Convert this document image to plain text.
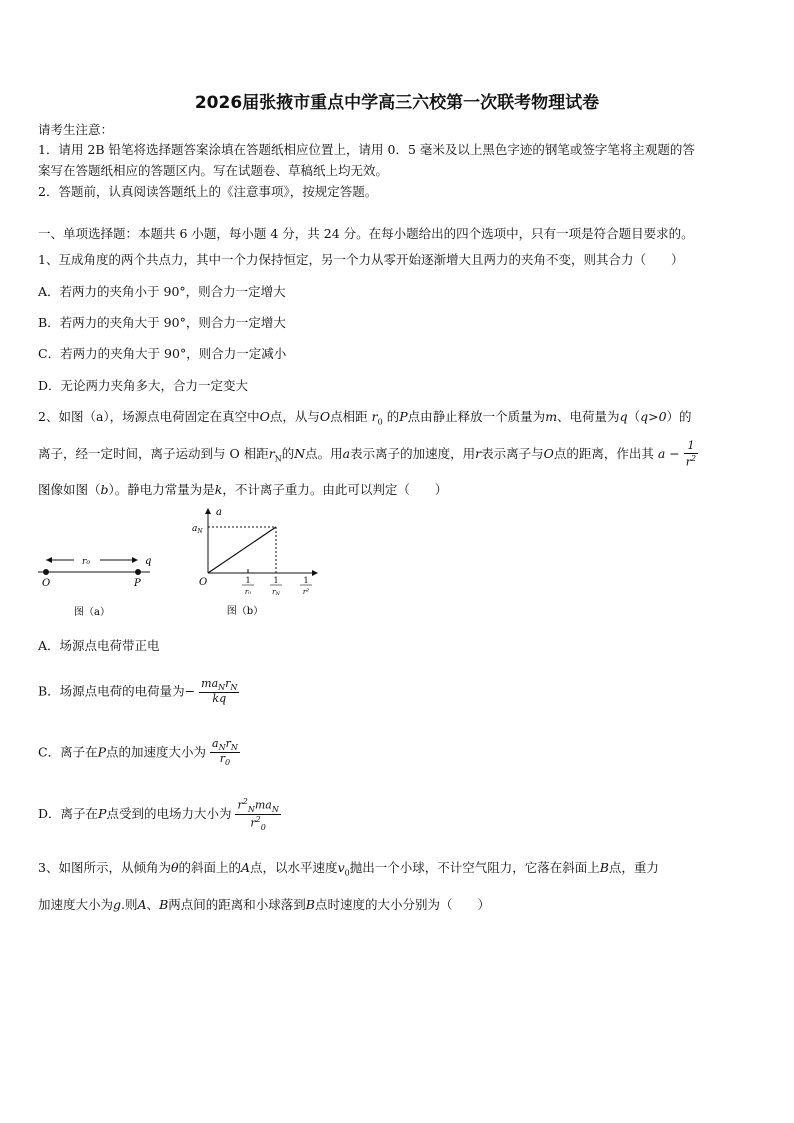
2026届张掖市重点中学高三六校第一次联考物理试卷
请考生注意：
1．请用 2B 铅笔将选择题答案涂填在答题纸相应位置上，请用 0．5 毫米及以上黑色字迹的钢笔或签字笔将主观题的答
案写在答题纸相应的答题区内。写在试题卷、草稿纸上均无效。
2．答题前，认真阅读答题纸上的《注意事项》，按规定答题。
一、单项选择题：本题共 6 小题，每小题 4 分，共 24 分。在每小题给出的四个选项中，只有一项是符合题目要求的。
1、互成角度的两个共点力，其中一个力保持恒定，另一个力从零开始逐渐增大且两力的夹角不变，则其合力（　　）
A．若两力的夹角小于 90°，则合力一定增大
B．若两力的夹角大于 90°，则合力一定增大
C．若两力的夹角大于 90°，则合力一定减小
D．无论两力夹角多大，合力一定变大
2、如图（a），场源点电荷固定在真空中O点，从与O点相距 $r_0$ 的P点由静止释放一个质量为m、电荷量为q（q>0）的
离子，经一定时间，离子运动到与 O 相距$r_N$的N点。用a表示离子的加速度，用r表示离子与O点的距离，作出其 $a - \frac{1}{r^2}$
图像如图（b）。静电力常量为是k，不计离子重力。由此可以判定（　　）
r₀	q
O	P
图（a）
a
$a_N$
O	1
r₀
1
rN
1
r²
图（b）
A．场源点电荷带正电
B．场源点电荷的电荷量为− $\frac{ma_Nr_N}{kq}$
C．离子在P点的加速度大小为 $\frac{a_Nr_N}{r_0}$
D．离子在P点受到的电场力大小为 $\frac{r^2_Nma_N}{r^2_0}$
3、如图所示，从倾角为θ的斜面上的A点，以水平速度$v_0$抛出一个小球，不计空气阻力，它落在斜面上B点，重力
加速度大小为g.则A、B两点间的距离和小球落到B点时速度的大小分别为（　　）
